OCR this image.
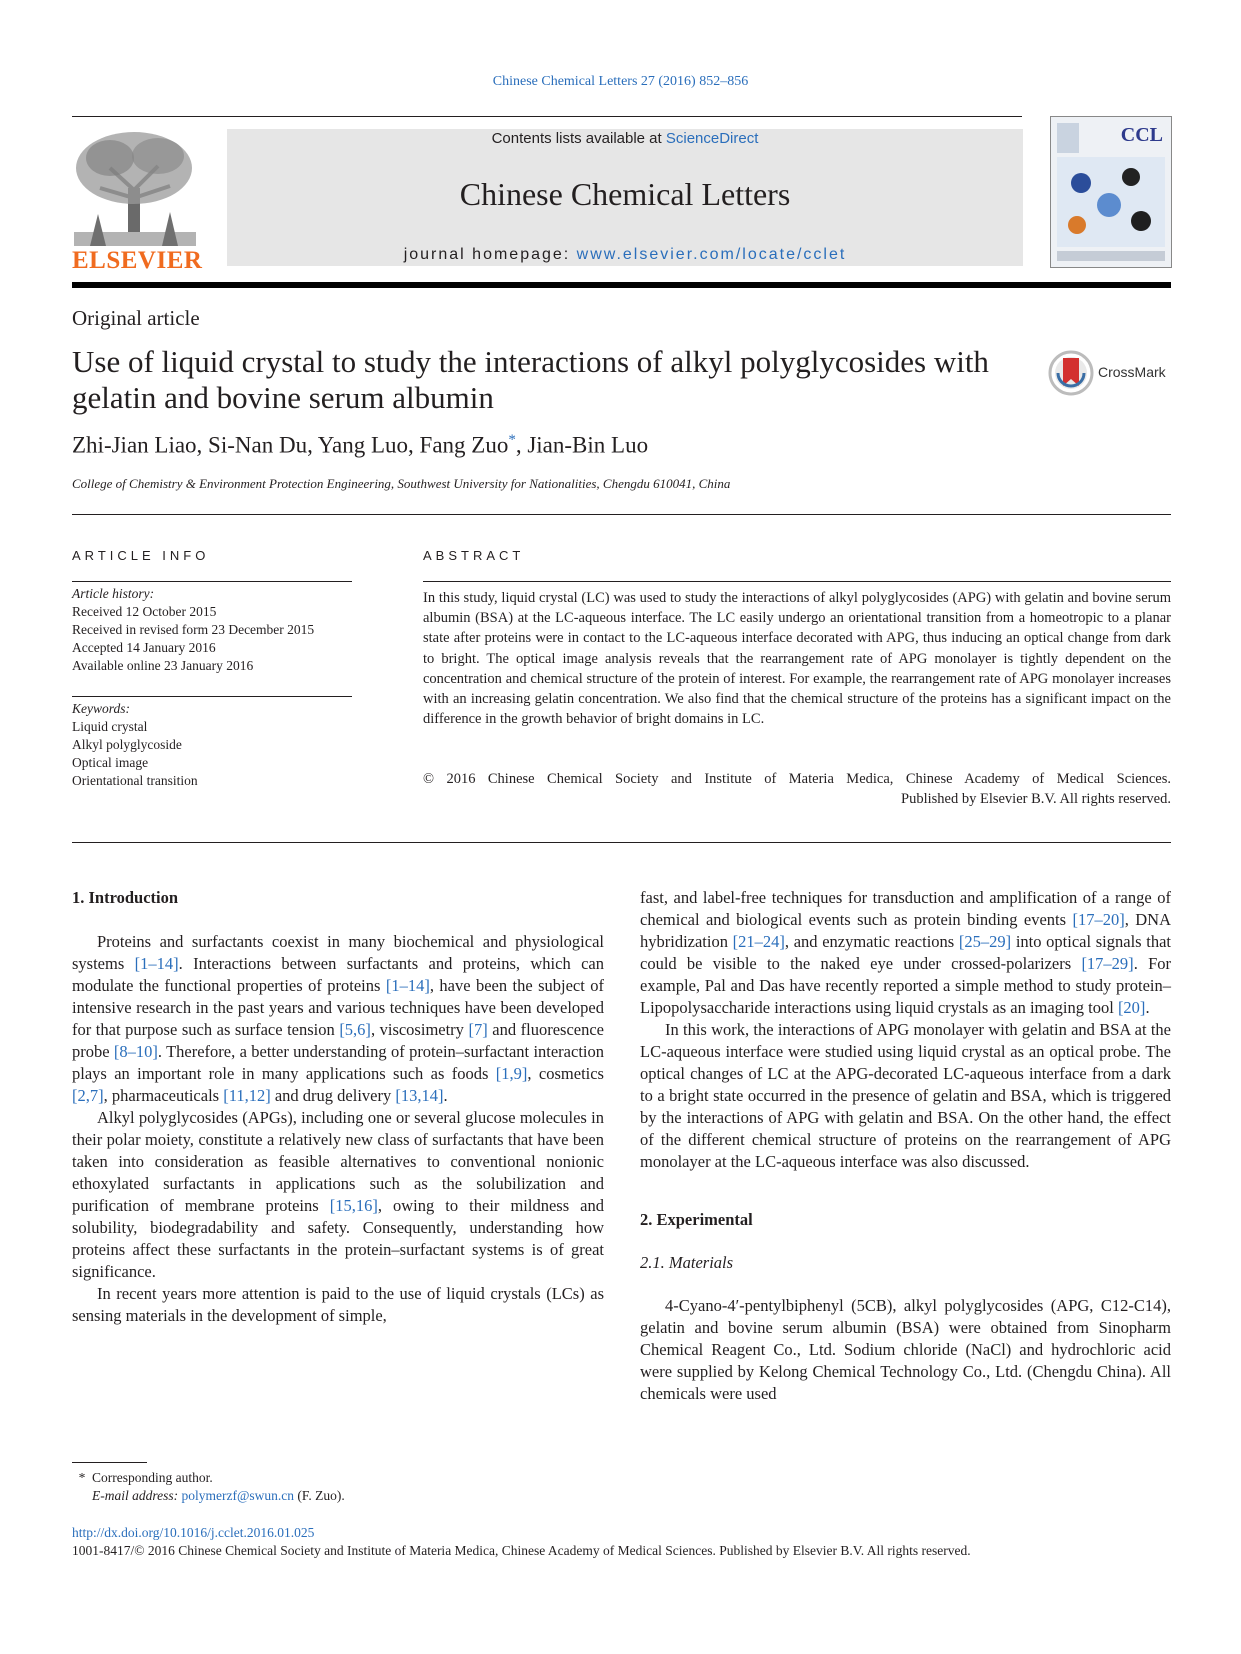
Chinese Chemical Letters 27 (2016) 852–856
ELSEVIER
Contents lists available at ScienceDirect
Chinese Chemical Letters
journal homepage: www.elsevier.com/locate/cclet
CCL
Original article
Use of liquid crystal to study the interactions of alkyl polyglycosides with gelatin and bovine serum albumin
CrossMark
Zhi-Jian Liao, Si-Nan Du, Yang Luo, Fang Zuo*, Jian-Bin Luo
College of Chemistry & Environment Protection Engineering, Southwest University for Nationalities, Chengdu 610041, China
ARTICLE INFO
Article history:
Received 12 October 2015
Received in revised form 23 December 2015
Accepted 14 January 2016
Available online 23 January 2016
Keywords:
Liquid crystal
Alkyl polyglycoside
Optical image
Orientational transition
ABSTRACT
In this study, liquid crystal (LC) was used to study the interactions of alkyl polyglycosides (APG) with gelatin and bovine serum albumin (BSA) at the LC-aqueous interface. The LC easily undergo an orientational transition from a homeotropic to a planar state after proteins were in contact to the LC-aqueous interface decorated with APG, thus inducing an optical change from dark to bright. The optical image analysis reveals that the rearrangement rate of APG monolayer is tightly dependent on the concentration and chemical structure of the protein of interest. For example, the rearrangement rate of APG monolayer increases with an increasing gelatin concentration. We also find that the chemical structure of the proteins has a significant impact on the difference in the growth behavior of bright domains in LC.
© 2016 Chinese Chemical Society and Institute of Materia Medica, Chinese Academy of Medical Sciences.
Published by Elsevier B.V. All rights reserved.
1. Introduction

Proteins and surfactants coexist in many biochemical and physiological systems [1–14]. Interactions between surfactants and proteins, which can modulate the functional properties of proteins [1–14], have been the subject of intensive research in the past years and various techniques have been developed for that purpose such as surface tension [5,6], viscosimetry [7] and fluorescence probe [8–10]. Therefore, a better understanding of protein–surfactant interaction plays an important role in many applications such as foods [1,9], cosmetics [2,7], pharmaceuticals [11,12] and drug delivery [13,14].

Alkyl polyglycosides (APGs), including one or several glucose molecules in their polar moiety, constitute a relatively new class of surfactants that have been taken into consideration as feasible alternatives to conventional nonionic ethoxylated surfactants in applications such as the solubilization and purification of membrane proteins [15,16], owing to their mildness and solubility, biodegradability and safety. Consequently, understanding how proteins affect these surfactants in the protein–surfactant systems is of great significance.

In recent years more attention is paid to the use of liquid crystals (LCs) as sensing materials in the development of simple,

fast, and label-free techniques for transduction and amplification of a range of chemical and biological events such as protein binding events [17–20], DNA hybridization [21–24], and enzymatic reactions [25–29] into optical signals that could be visible to the naked eye under crossed-polarizers [17–29]. For example, Pal and Das have recently reported a simple method to study protein–Lipopolysaccharide interactions using liquid crystals as an imaging tool [20].

In this work, the interactions of APG monolayer with gelatin and BSA at the LC-aqueous interface were studied using liquid crystal as an optical probe. The optical changes of LC at the APG-decorated LC-aqueous interface from a dark to a bright state occurred in the presence of gelatin and BSA, which is triggered by the interactions of APG with gelatin and BSA. On the other hand, the effect of the different chemical structure of proteins on the rearrangement of APG monolayer at the LC-aqueous interface was also discussed.

2. Experimental
2.1. Materials

4-Cyano-4′-pentylbiphenyl (5CB), alkyl polyglycosides (APG, C12-C14), gelatin and bovine serum albumin (BSA) were obtained from Sinopharm Chemical Reagent Co., Ltd. Sodium chloride (NaCl) and hydrochloric acid were supplied by Kelong Chemical Technology Co., Ltd. (Chengdu China). All chemicals were used

* Corresponding author.
E-mail address: polymerzf@swun.cn (F. Zuo).
http://dx.doi.org/10.1016/j.cclet.2016.01.025
1001-8417/© 2016 Chinese Chemical Society and Institute of Materia Medica, Chinese Academy of Medical Sciences. Published by Elsevier B.V. All rights reserved.
